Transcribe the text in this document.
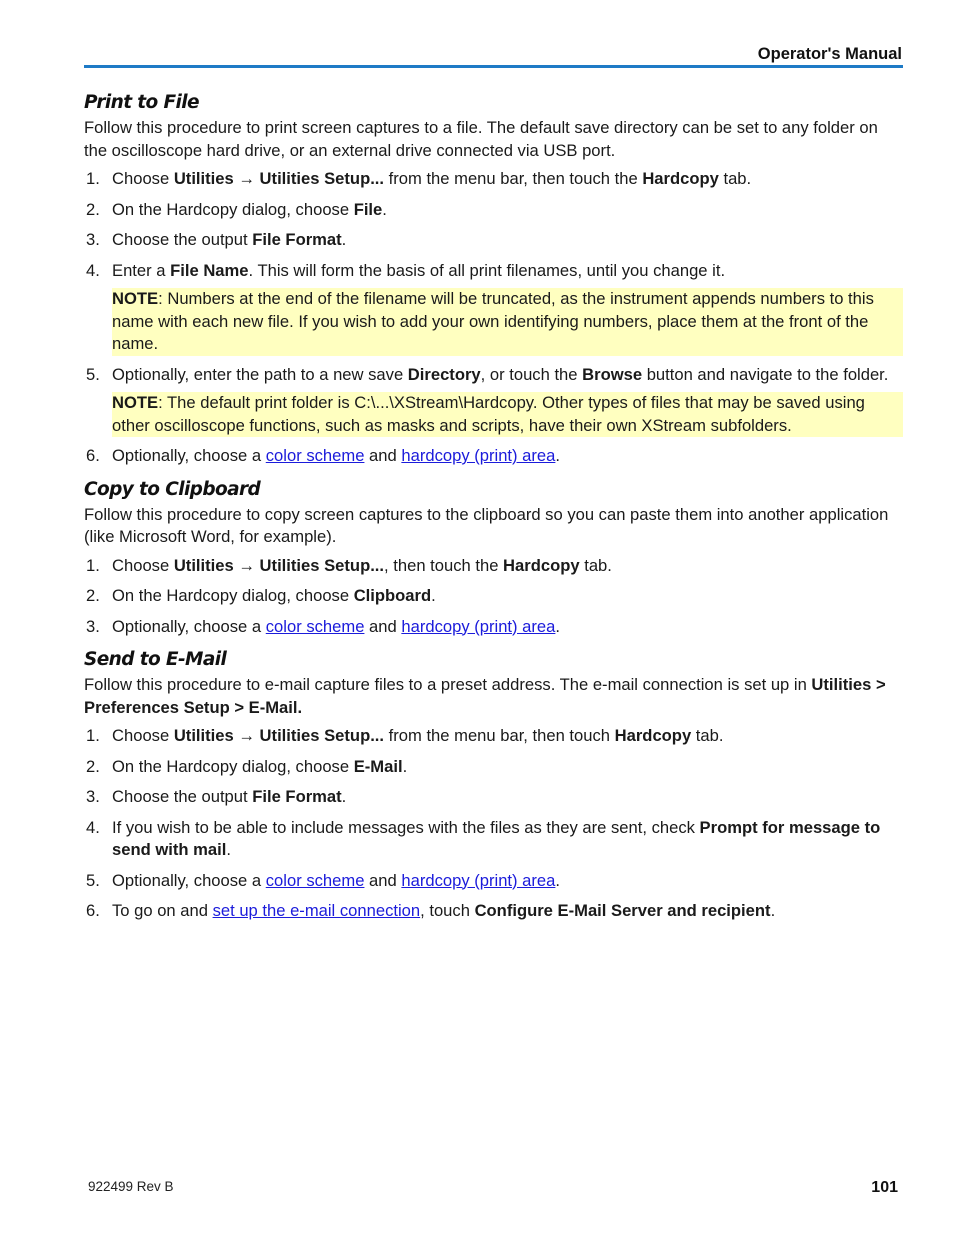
Operator's Manual
Print to File

Follow this procedure to print screen captures to a file. The default save directory can be set to any folder on the oscilloscope hard drive, or an external drive connected via USB port.

1. Choose Utilities → Utilities Setup... from the menu bar, then touch the Hardcopy tab.
2. On the Hardcopy dialog, choose File.
3. Choose the output File Format.
4. Enter a File Name. This will form the basis of all print filenames, until you change it.
NOTE: Numbers at the end of the filename will be truncated, as the instrument appends numbers to this name with each new file. If you wish to add your own identifying numbers, place them at the front of the name.
5. Optionally, enter the path to a new save Directory, or touch the Browse button and navigate to the folder.
NOTE: The default print folder is C:\...\XStream\Hardcopy. Other types of files that may be saved using other oscilloscope functions, such as masks and scripts, have their own XStream subfolders.
6. Optionally, choose a color scheme and hardcopy (print) area.
Copy to Clipboard

Follow this procedure to copy screen captures to the clipboard so you can paste them into another application (like Microsoft Word, for example).

1. Choose Utilities → Utilities Setup..., then touch the Hardcopy tab.
2. On the Hardcopy dialog, choose Clipboard.
3. Optionally, choose a color scheme and hardcopy (print) area.
Send to E-Mail

Follow this procedure to e-mail capture files to a preset address. The e-mail connection is set up in Utilities > Preferences Setup > E-Mail.

1. Choose Utilities → Utilities Setup... from the menu bar, then touch Hardcopy tab.
2. On the Hardcopy dialog, choose E-Mail.
3. Choose the output File Format.
4. If you wish to be able to include messages with the files as they are sent, check Prompt for message to send with mail.
5. Optionally, choose a color scheme and hardcopy (print) area.
6. To go on and set up the e-mail connection, touch Configure E-Mail Server and recipient.
922499 Rev B	101
